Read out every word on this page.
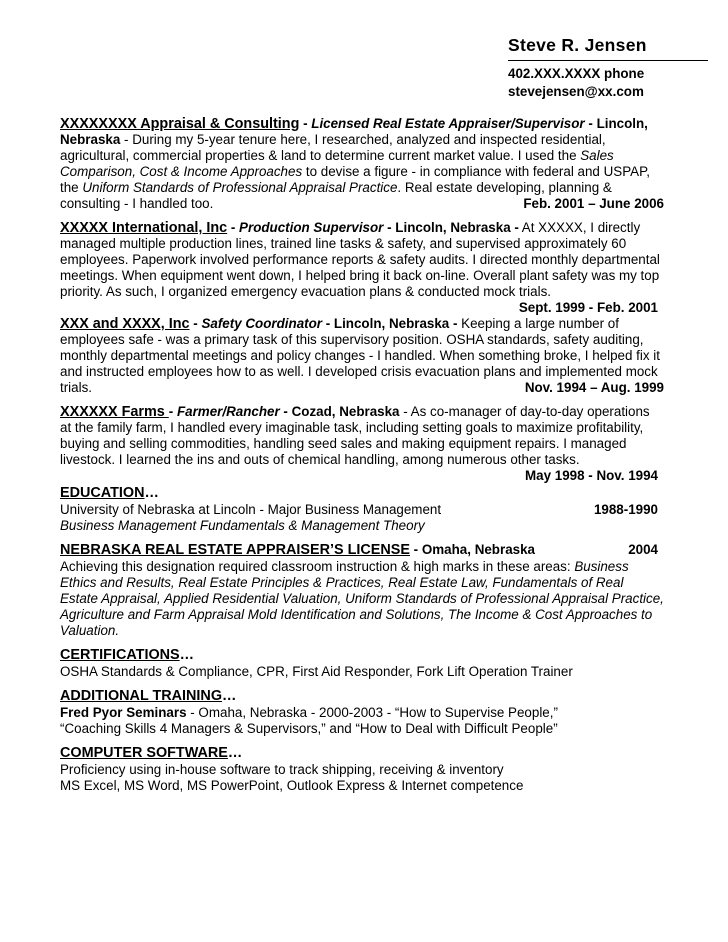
Steve R. Jensen
402.XXX.XXXX phone
stevejensen@xx.com

XXXXXXXX Appraisal & Consulting - Licensed Real Estate Appraiser/Supervisor - Lincoln, Nebraska - During my 5-year tenure here, I researched, analyzed and inspected residential, agricultural, commercial properties & land to determine current market value. I used the Sales Comparison, Cost & Income Approaches to devise a figure - in compliance with federal and USPAP, the Uniform Standards of Professional Appraisal Practice. Real estate developing, planning & consulting - I handled too.	Feb. 2001 – June 2006

XXXXX International, Inc - Production Supervisor - Lincoln, Nebraska - At XXXXX, I directly managed multiple production lines, trained line tasks & safety, and supervised approximately 60 employees. Paperwork involved performance reports & safety audits. I directed monthly departmental meetings. When equipment went down, I helped bring it back on-line. Overall plant safety was my top priority. As such, I organized emergency evacuation plans & conducted mock trials.

Sept. 1999 - Feb. 2001

XXX and XXXX, Inc - Safety Coordinator - Lincoln, Nebraska - Keeping a large number of employees safe - was a primary task of this supervisory position. OSHA standards, safety auditing, monthly departmental meetings and policy changes - I handled. When something broke, I helped fix it and instructed employees how to as well. I developed crisis evacuation plans and implemented mock trials.	Nov. 1994 – Aug. 1999

XXXXXX Farms - Farmer/Rancher - Cozad, Nebraska - As co-manager of day-to-day operations at the family farm, I handled every imaginable task, including setting goals to maximize profitability, buying and selling commodities, handling seed sales and making equipment repairs. I managed livestock. I learned the ins and outs of chemical handling, among numerous other tasks.

May 1998 - Nov. 1994
EDUCATION…
University of Nebraska at Lincoln - Major Business Management	1988-1990

Business Management Fundamentals & Management Theory

NEBRASKA REAL ESTATE APPRAISER’S LICENSE - Omaha, Nebraska	2004

Achieving this designation required classroom instruction & high marks in these areas: Business Ethics and Results, Real Estate Principles & Practices, Real Estate Law, Fundamentals of Real Estate Appraisal, Applied Residential Valuation, Uniform Standards of Professional Appraisal Practice, Agriculture and Farm Appraisal Mold Identification and Solutions, The Income & Cost Approaches to Valuation.

CERTIFICATIONS…

OSHA Standards & Compliance, CPR, First Aid Responder, Fork Lift Operation Trainer

ADDITIONAL TRAINING…

Fred Pyor Seminars - Omaha, Nebraska - 2000-2003 - “How to Supervise People,”

“Coaching Skills 4 Managers & Supervisors,” and “How to Deal with Difficult People”

COMPUTER SOFTWARE…

Proficiency using in-house software to track shipping, receiving & inventory

MS Excel, MS Word, MS PowerPoint, Outlook Express & Internet competence
